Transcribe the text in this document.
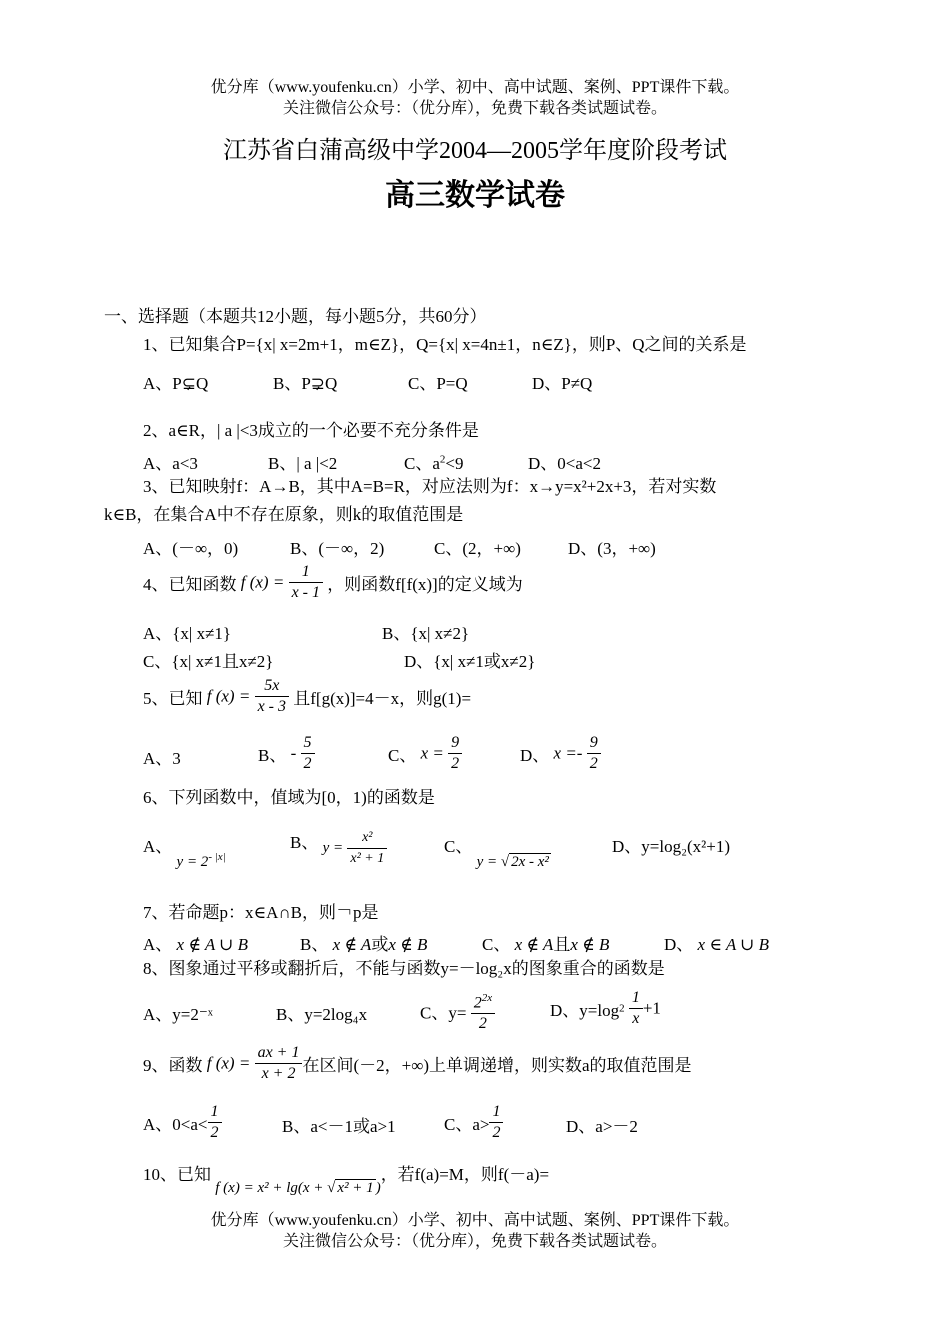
优分库（www.youfenku.cn）小学、初中、高中试题、案例、PPT课件下载。
关注微信公众号：（优分库），免费下载各类试题试卷。
江苏省白蒲高级中学2004—2005学年度阶段考试
高三数学试卷
一、选择题（本题共12小题，每小题5分，共60分）
1、已知集合P={x| x=2m+1，m∈Z}，Q={x| x=4n±1，n∈Z}，则P、Q之间的关系是
A、P⊊Q	B、P⊋Q	C、P=Q	D、P≠Q
2、a∈R，| a |<3成立的一个必要不充分条件是
A、a<3	B、| a |<2	C、$a^2<9$	D、0<a<2
3、已知映射f：A→B，其中A=B=R，对应法则为f：x→y=x²+2x+3，若对实数
k∈B，在集合A中不存在原象，则k的取值范围是
A、(－∞，0)	B、(－∞，2)	C、(2，+∞)	D、(3，+∞)
4、已知函数 f $(x) = \frac{1}{x - 1}$ ，则函数f[f(x)]的定义域为
A、{x| x≠1}	B、{x| x≠2}
C、{x| x≠1且x≠2}	D、{x| x≠1或x≠2}
5、已知 f $(x) = \frac{5x}{x - 3}$ 且f[g(x)]=4－x，则g(1)=
A、3	B、 - $\frac{5}{2}$	C、 $x = \frac{9}{2}$	D、 $x =- \frac{9}{2}$
6、下列函数中，值域为[0，1)的函数是
A、 $y = 2^{- |x|}$
B、 $y = \frac{\text{x²}}{\text{x² + 1}}$	C、 y = √ 2x - x²
D、y=log₂(x²+1)
7、若命题p：x∈A∩B，则￢p是
A、 x ∉ A ∪ B	B、 x ∉ A或x ∉ B	C、 x ∉ A且x ∉ B	D、 x ∈ A ∪ B
8、图象通过平移或翻折后，不能与函数y=－log₂x的图象重合的函数是
A、y=2⁻ˣ	B、y=2log₄x	C、$y= \frac{2^{2x}}{2}$	D、$y=\log 2 \frac{1}{x} +1$
9、函数 f $(x) = \frac{ax + 1}{x + 2}$ 在区间(－2，+∞)上单调递增，则实数a的取值范围是
A、$0<a< \frac{1}{2}$	B、a<－1或a>1	C、$a> \frac{1}{2}$	D、a>－2
10、已知 f (x) = x² + lg(x + √ x² + 1 )，若f(a)=M，则f(－a)=
优分库（www.youfenku.cn）小学、初中、高中试题、案例、PPT课件下载。
关注微信公众号：（优分库），免费下载各类试题试卷。
